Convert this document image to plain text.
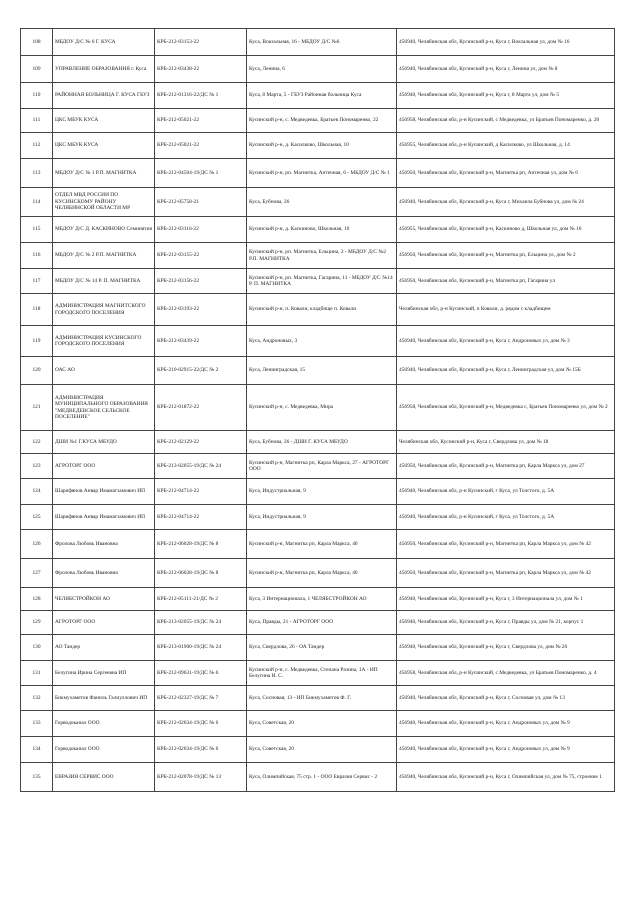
108	МБДОУ Д/С № 6 Г. КУСА	КРБ-212-03153-22	Куса, Вокзальная, 16 - МБДОУ Д/С №6	456940, Челябинская обл, Кусинский р-н, Куса г, Вокзальная ул, дом № 16
109	УПРАВЛЕНИЕ ОБРАЗОВАНИЯ г. Куса	КРБ-212-03438-22	Куса, Ленина, 6	456940, Челябинская обл, Кусинский р-н, Куса г, Ленина ул, дом № 8
110	РАЙОННАЯ БОЛЬНИЦА Г. КУСА ГБУЗ	КРБ-212-01316-22/ДС № 1	Куса, 8 Марта, 5 - ГБУЗ Районная больница Куса	456940, Челябинская обл, Кусинский р-н, Куса г, 8 Марта ул, дом № 5
111	ЦКС МБУК КУСА	КРБ-212-05021-22	Кусинский р-н, с. Медведевка, Братьев Пономаренко, 22	456958, Челябинская обл, р-н Кусинский, с Медведевка, ул Братьев Пономаренко, д. 20
112	ЦКС МБУК КУСА	КРБ-212-05021-22	Кусинский р-н, д. Касилково, Школьная, 10	456955, Челябинская обл, р-н Кусинский, д Касилково, ул Школьная, д. 14
113	МБДОУ Д/С № 1 Р.П. МАГНИТКА	КРБ-212-04504-19/ДС № 1	Кусинский р-н, рп. Магнитка, Аптечная, 6 - МБДОУ Д/С № 1	456950, Челябинская обл, Кусинский р-н, Магнитка рп, Аптечная ул, дом № 6
114	ОТДЕЛ МВД РОССИИ ПО КУСИНСКОМУ РАЙОНУ ЧЕЛЯБИНСКОЙ ОБЛАСТИ МР	КРБ-212-05758-21	Куса, Бубнова, 26	456940, Челябинская обл, Кусинский р-н, Куса г, Михаила Бубнова ул, дом № 24
115	МБДОУ Д/С Д. КАСКИНОВО Семинятия	КРБ-212-03116-22	Кусинский р-н, д. Каскиново, Школьная, 10	456955, Челябинская обл, Кусинский р-н, Каскиново д, Школьная ул, дом № 16
116	МБДОУ Д/С № 2 Р.П. МАГНИТКА	КРБ-212-03155-22	Кусинский р-н, рп. Магнитка, Ельцина, 2 - МБДОУ Д/С №2 Р.П. МАГНИТКА	456950, Челябинская обл, Кусинский р-н, Магнитка рп, Ельцина ул, дом № 2
117	МБДОУ Д/С № 14 Р. П. МАГНИТКА	КРБ-212-03156-22	Кусинский р-н, рп. Магнитка, Гагарина, 11 - МБДОУ Д/С №14 Р. П. МАГНИТКА	456950, Челябинская обл, Кусинский р-н, Магнитка рп, Гагарина ул
118	АДМИНИСТРАЦИЯ МАГНИТСКОГО ГОРОДСКОГО ПОСЕЛЕНИЯ	КРБ-212-03193-22	Кусинский р-н, п. Ковали, кладбище п. Ковали	Челябинская обл, р-н Кусинский, п Ковали, д. рядом с кладбищем
119	АДМИНИСТРАЦИЯ КУСИНСКОГО ГОРОДСКОГО ПОСЕЛЕНИЯ	КРБ-212-03439-22	Куса, Андроновых, 3	456940, Челябинская обл, Кусинский р-н, Куса г, Андроновых ул, дом № 3
120	ОАС АО	КРБ-210-02915-22/ДС № 2	Куса, Ленинградская, 15	456940, Челябинская обл, Кусинский р-н, Куса г, Ленинградская ул, дом № 15Б
121	АДМИНИСТРАЦИЯ МУНИЦИПАЛЬНОГО ОБРАЗОВАНИЯ "МЕДВЕДЕВСКОЕ СЕЛЬСКОЕ ПОСЕЛЕНИЕ"	КРБ-212-01872-22	Кусинский р-н, с. Медведевка, Мира	456958, Челябинская обл, Кусинский р-н, Медведевка с, Братьев Пономаренко ул, дом № 2
122	ДШИ №1 Г.КУСА МБУДО	КРБ-212-02129-22	Куса, Бубнова, 26 - ДШИ Г. КУСА МБУДО	Челябинская обл, Кусинский р-н, Куса г, Свердлова ул, дом № 18
123	АГРОТОРГ ООО	КРБ-213-02055-19/ДС № 24	Кусинский р-н, Магнитка рп, Карла Маркса, 27 - АГРОТОРГ ООО	456950, Челябинская обл, Кусинский р-н, Магнитка рп, Карла Маркса ул, дом 27
124	Шарифянов Анвар Имамагзамович ИП	КРБ-212-04714-22	Куса, Индустриальная, 9	456940, Челябинская обл, р-н Кусинский, г Куса, ул Толстого, д. 5А
125	Шарифянов Анвар Имамагзамович ИП	КРБ-212-04714-22	Куса, Индустриальная, 9	456940, Челябинская обл, р-н Кусинский, г Куса, ул Толстого, д. 5А
126	Фролова Любовь Ивановна	КРБ-212-06028-19/ДС № 8	Кусинский р-н, Магнитка рп, Карла Маркса, 40	456950, Челябинская обл, Кусинский р-н, Магнитка рп, Карла Маркса ул, дом № 42
127	Фролова Любовь Ивановна	КРБ-212-06028-19/ДС № 8	Кусинский р-н, Магнитка рп, Карла Маркса, 40	456950, Челябинская обл, Кусинский р-н, Магнитка рп, Карла Маркса ул, дом № 42
128	ЧЕЛЯБСТРОЙКОН АО	КРБ-212-05111-21/ДС № 2	Куса, 3 Интернационала, 1 ЧЕЛЯБСТРОЙКОН АО	456940, Челябинская обл, Кусинский р-н, Куса г, 3 Интернационала ул, дом № 1
129	АГРОТОРГ ООО	КРБ-213-02055-19/ДС № 24	Куса, Правды, 21 - АГРОТОРГ ООО	456940, Челябинская обл, Кусинский р-н, Куса г, Правды ул, дом № 21, корпус 1
130	АО Тандер	КРБ-213-01900-19/ДС № 24	Куса, Свердлова, 26 - ОА Тандер	456940, Челябинская обл, Кусинский р-н, Куса г, Свердлова ул, дом № 26
131	Белугина Ирина Сергеевна ИП	КРБ-212-09631-19/ДС № 6	Кусинский р-н, с. Медведевка, Степана Разина, 1А - ИП Белугина И. С.	456958, Челябинская обл, р-н Кусинский, с Медведевка, ул Братьев Пономаренко, д. 4
132	Бикмухаметов Фаниль Галиуллович ИП	КРБ-212-02327-19/ДС № 7	Куса, Сосновая, 13 - ИП Бикмухаметов Ф. Г.	456940, Челябинская обл, Кусинский р-н, Куса г, Сосновая ул, дом № 13
133	Горводоканал ООО	КРБ-212-02634-19/ДС № 6	Куса, Советская, 20	456940, Челябинская обл, Кусинский р-н, Куса г, Андроновых ул, дом № 9
134	Горводоканал ООО	КРБ-212-02634-19/ДС № 6	Куса, Советская, 20	456940, Челябинская обл, Кусинский р-н, Куса г, Андроновых ул, дом № 9
135	ЕВРАЗИЯ СЕРВИС ООО	КРБ-212-02078-19/ДС № 13	Куса, Олимпийская, 75 стр. 1 - ООО Евразия Сервис - 2	456940, Челябинская обл, Кусинский р-н, Куса г, Олимпийская ул, дом № 75, строение 1
